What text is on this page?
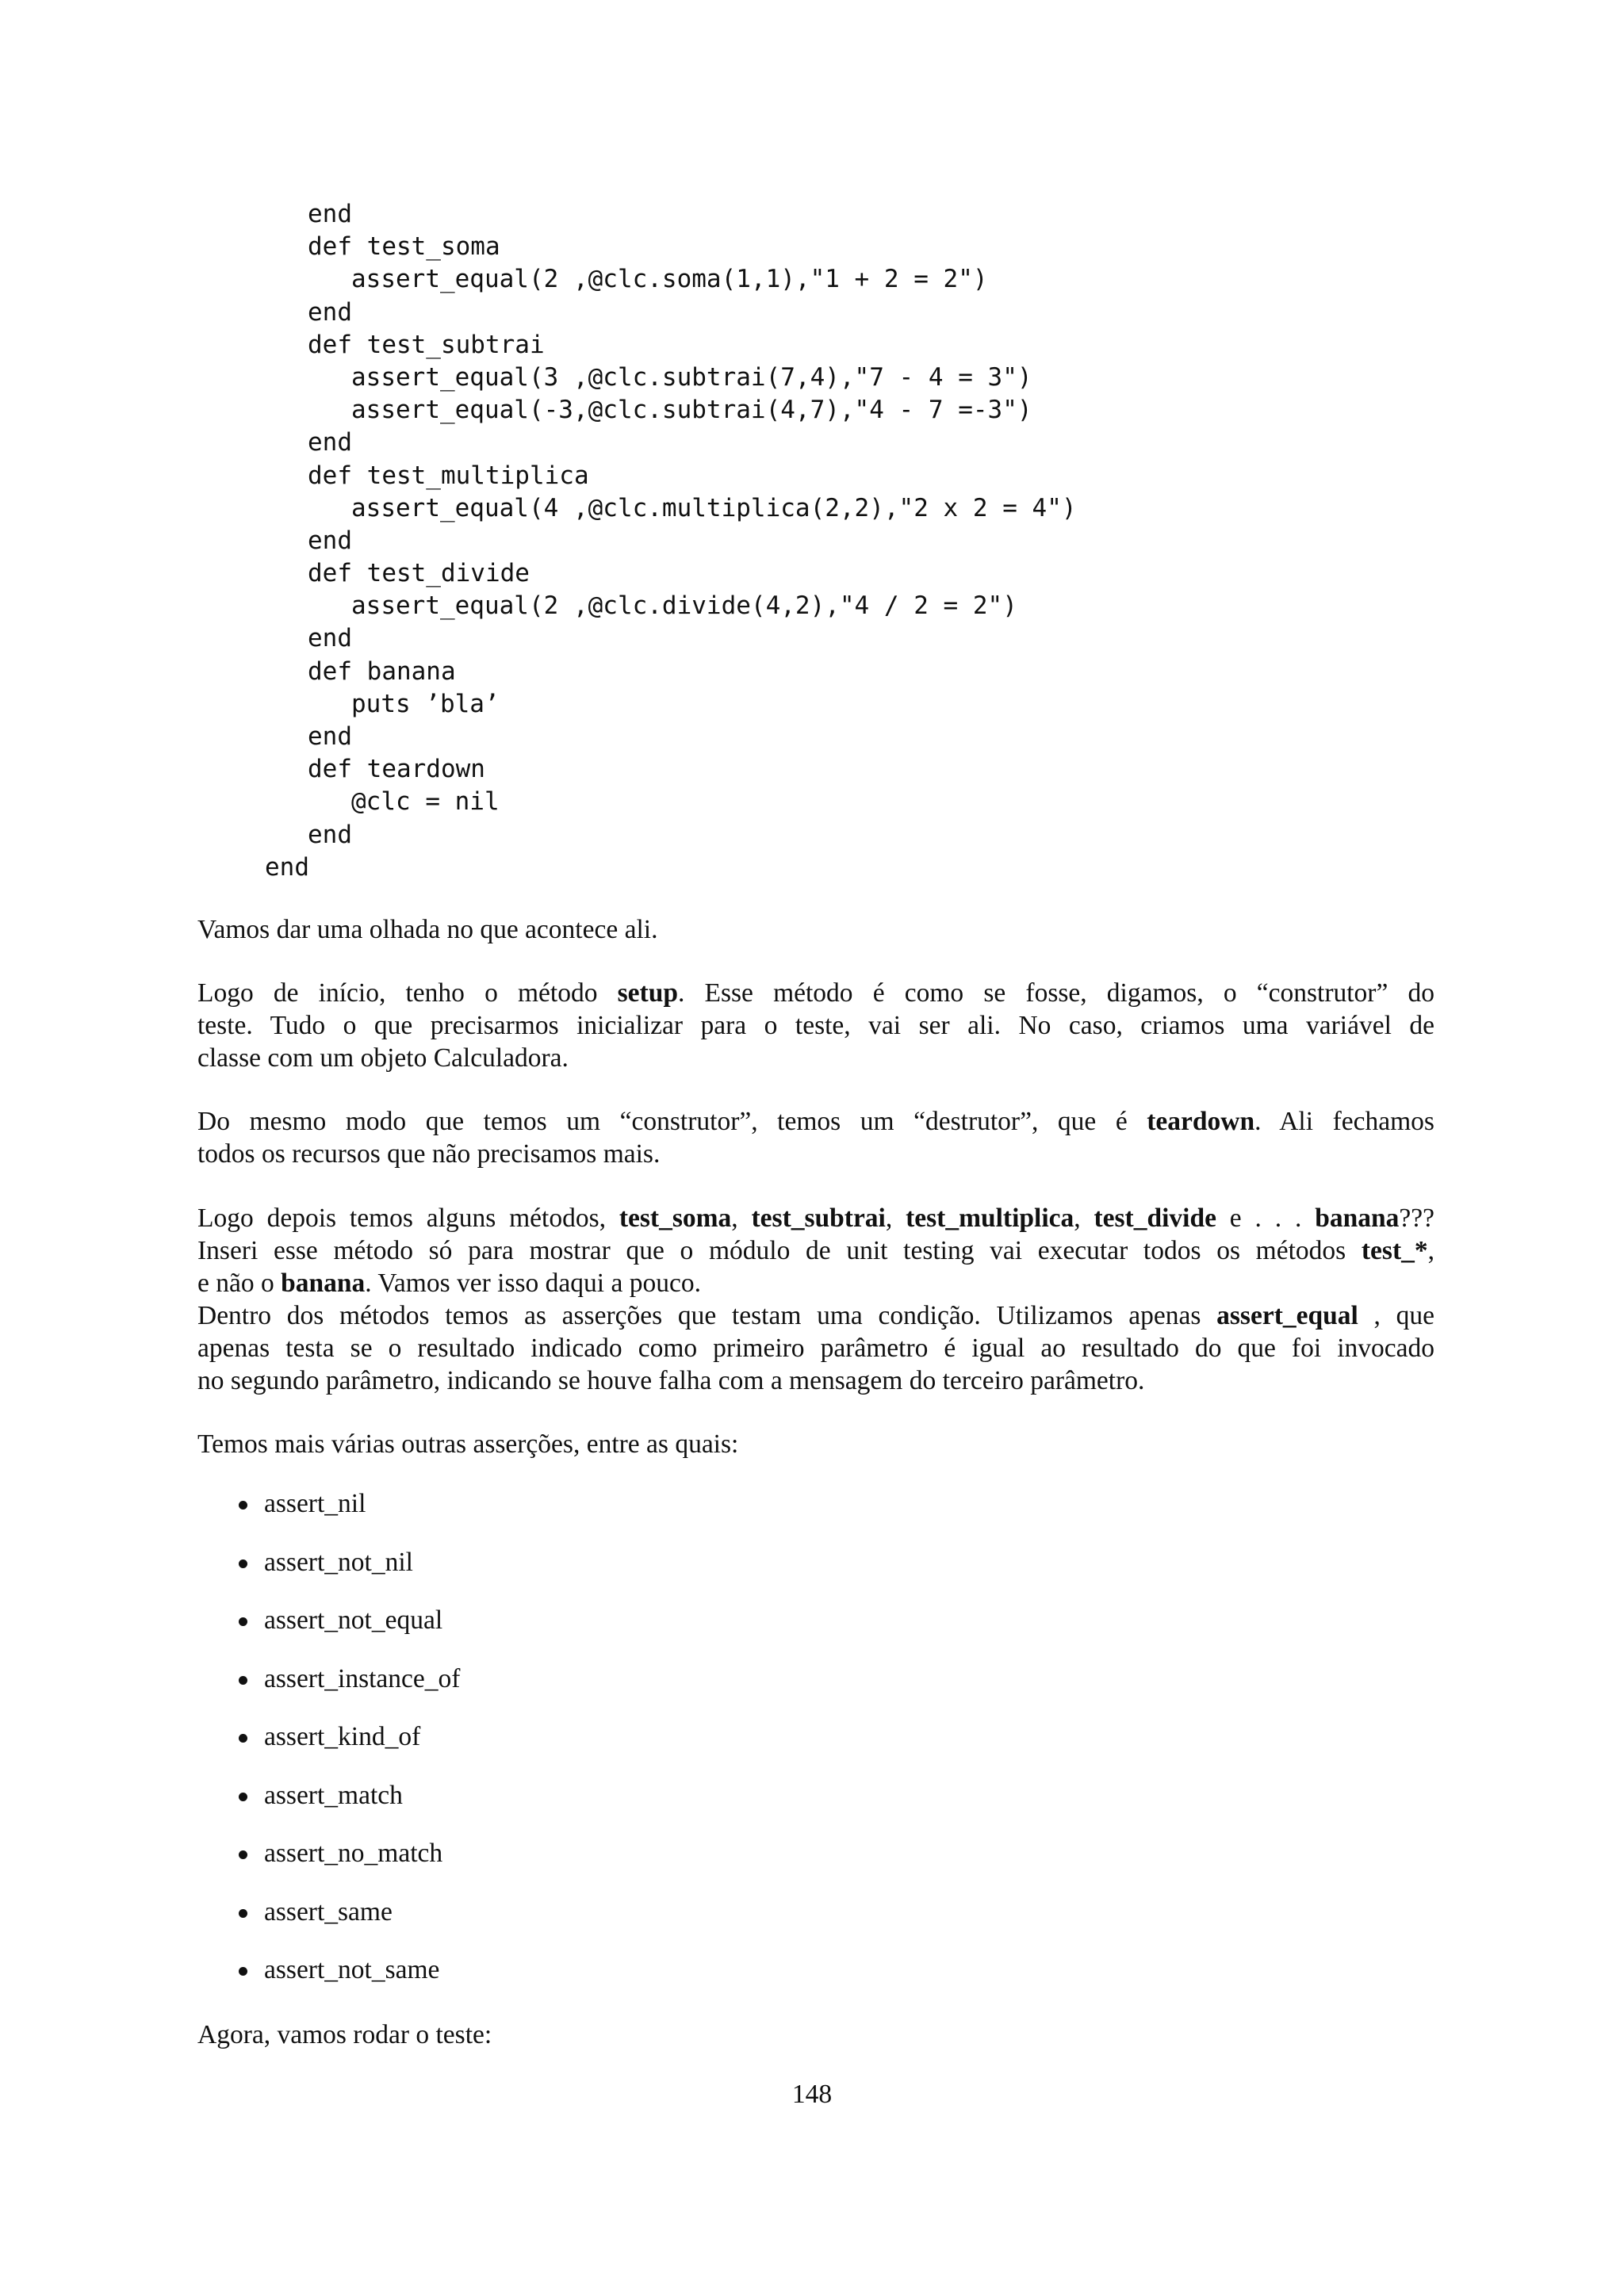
end
def test_soma
assert_equal(2 ,@clc.soma(1,1),"1 + 2 = 2")
end
def test_subtrai
assert_equal(3 ,@clc.subtrai(7,4),"7 - 4 = 3")
assert_equal(-3,@clc.subtrai(4,7),"4 - 7 =-3")
end
def test_multiplica
assert_equal(4 ,@clc.multiplica(2,2),"2 x 2 = 4")
end
def test_divide
assert_equal(2 ,@clc.divide(4,2),"4 / 2 = 2")
end
def banana
puts ’bla’
end
def teardown
@clc = nil
end
end

Vamos dar uma olhada no que acontece ali.

Logo de início, tenho o método setup. Esse método é como se fosse, digamos, o “construtor” do
teste. Tudo o que precisarmos inicializar para o teste, vai ser ali. No caso, criamos uma variável de
classe com um objeto Calculadora.

Do mesmo modo que temos um “construtor”, temos um “destrutor”, que é teardown. Ali fechamos
todos os recursos que não precisamos mais.

Logo depois temos alguns métodos, test_soma, test_subtrai, test_multiplica, test_divide e . . . banana???
Inseri esse método só para mostrar que o módulo de unit testing vai executar todos os métodos test_*,
e não o banana. Vamos ver isso daqui a pouco.
Dentro dos métodos temos as asserções que testam uma condição. Utilizamos apenas assert_equal , que
apenas testa se o resultado indicado como primeiro parâmetro é igual ao resultado do que foi invocado
no segundo parâmetro, indicando se houve falha com a mensagem do terceiro parâmetro.

Temos mais várias outras asserções, entre as quais:

assert_nil
assert_not_nil
assert_not_equal
assert_instance_of
assert_kind_of
assert_match
assert_no_match
assert_same
assert_not_same

Agora, vamos rodar o teste:

148
